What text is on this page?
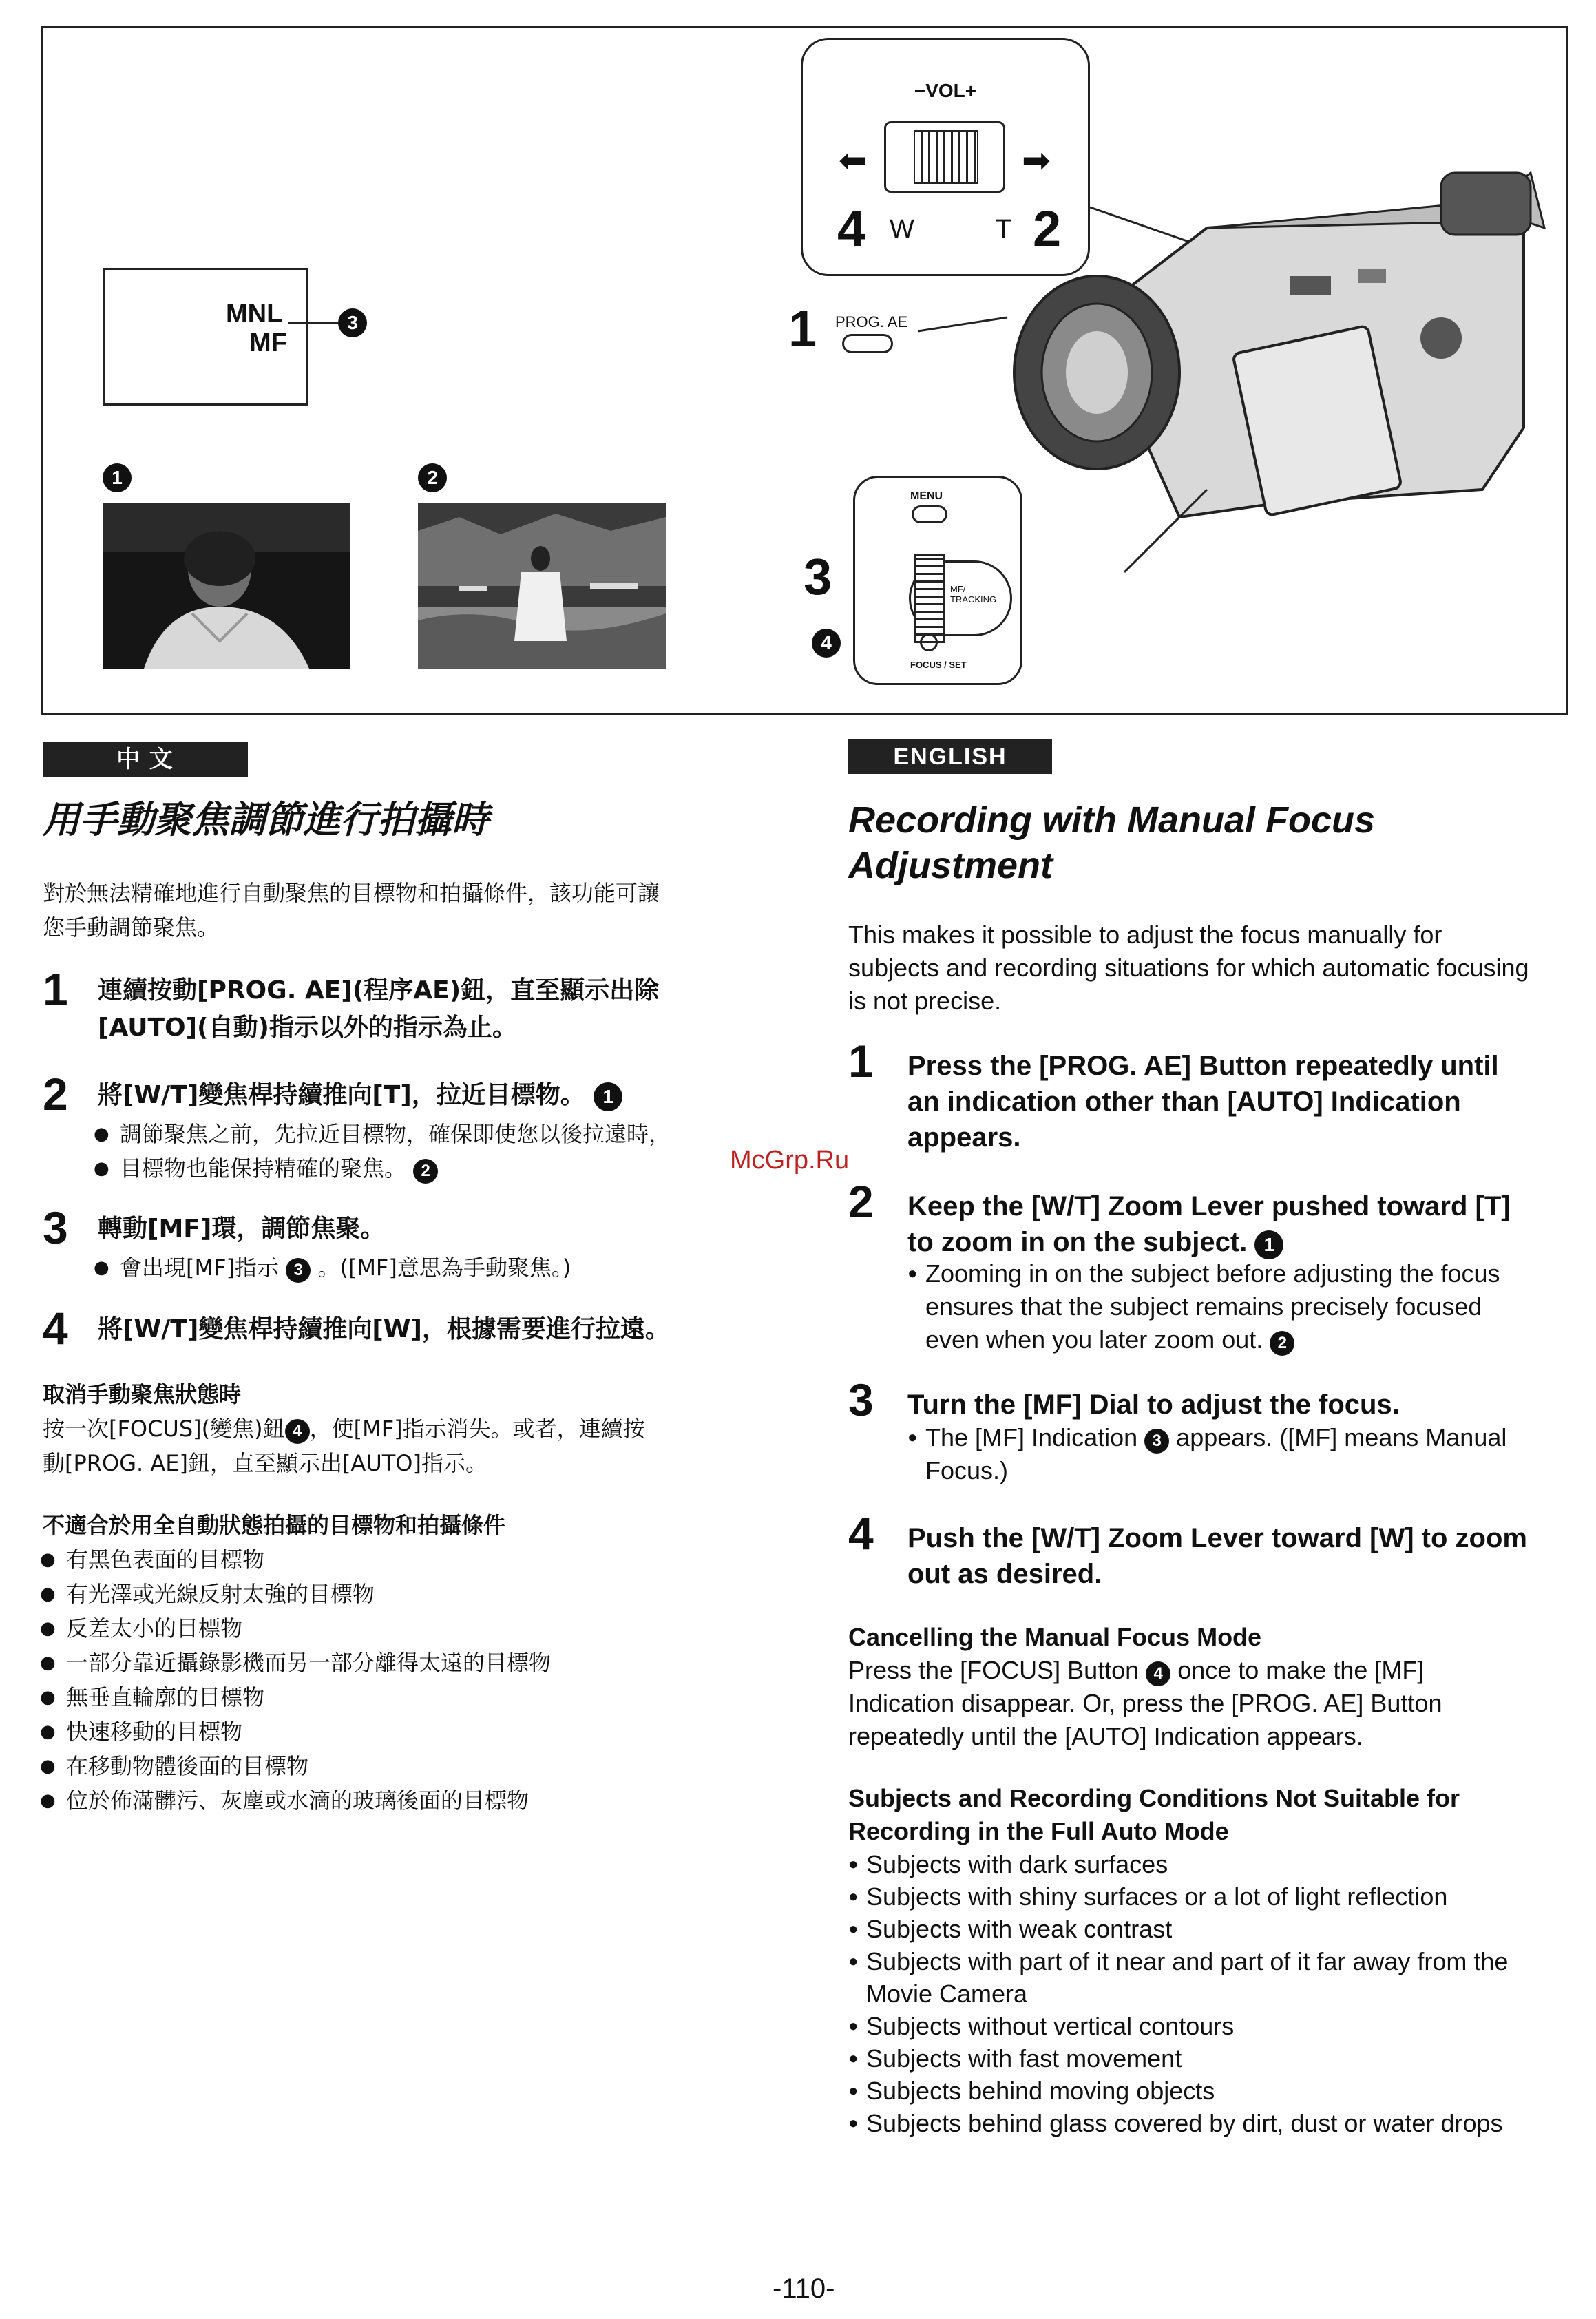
MNL
MF
3
1	2
−VOL+
⬅	➡
4 W	T 2
1 PROG. AE
MENU
MF/
TRACKING
FOCUS / SET
3
4
中 文
用手動聚焦調節進行拍攝時
對於無法精確地進行自動聚焦的目標物和拍攝條件，該功能可讓
您手動調節聚焦。
1 連續按動[PROG. AE](程序AE)鈕，直至顯示出除
[AUTO](自動)指示以外的指示為止。
2 將[W/T]變焦桿持續推向[T]，拉近目標物。 1
● 調節聚焦之前，先拉近目標物，確保即使您以後拉遠時，
● 目標物也能保持精確的聚焦。 2
3 轉動[MF]環，調節焦聚。
● 會出現[MF]指示 3 。([MF]意思為手動聚焦。)
4 將[W/T]變焦桿持續推向[W]，根據需要進行拉遠。
取消手動聚焦狀態時
按一次[FOCUS](變焦)鈕 4 ，使[MF]指示消失。或者，連續按
動[PROG. AE]鈕，直至顯示出[AUTO]指示。
不適合於用全自動狀態拍攝的目標物和拍攝條件
● 有黑色表面的目標物
● 有光澤或光線反射太強的目標物
● 反差太小的目標物
● 一部分靠近攝錄影機而另一部分離得太遠的目標物
● 無垂直輪廓的目標物
● 快速移動的目標物
● 在移動物體後面的目標物
● 位於佈滿髒污、灰塵或水滴的玻璃後面的目標物
McGrp.Ru
ENGLISH
Recording with Manual Focus
Adjustment
This makes it possible to adjust the focus manually for
subjects and recording situations for which automatic focusing
is not precise.
1 Press the [PROG. AE] Button repeatedly until
an indication other than [AUTO] Indication
appears.
2 Keep the [W/T] Zoom Lever pushed toward [T]
to zoom in on the subject. 1
● Zooming in on the subject before adjusting the focus
ensures that the subject remains precisely focused
even when you later zoom out. 2
3 Turn the [MF] Dial to adjust the focus.
● The [MF] Indication 3 appears. ([MF] means Manual
Focus.)
4 Push the [W/T] Zoom Lever toward [W] to zoom
out as desired.
Cancelling the Manual Focus Mode
Press the [FOCUS] Button 4 once to make the [MF]
Indication disappear. Or, press the [PROG. AE] Button
repeatedly until the [AUTO] Indication appears.
Subjects and Recording Conditions Not Suitable for
Recording in the Full Auto Mode
● Subjects with dark surfaces
● Subjects with shiny surfaces or a lot of light reflection
● Subjects with weak contrast
● Subjects with part of it near and part of it far away from the
Movie Camera
● Subjects without vertical contours
● Subjects with fast movement
● Subjects behind moving objects
● Subjects behind glass covered by dirt, dust or water drops
-110-
